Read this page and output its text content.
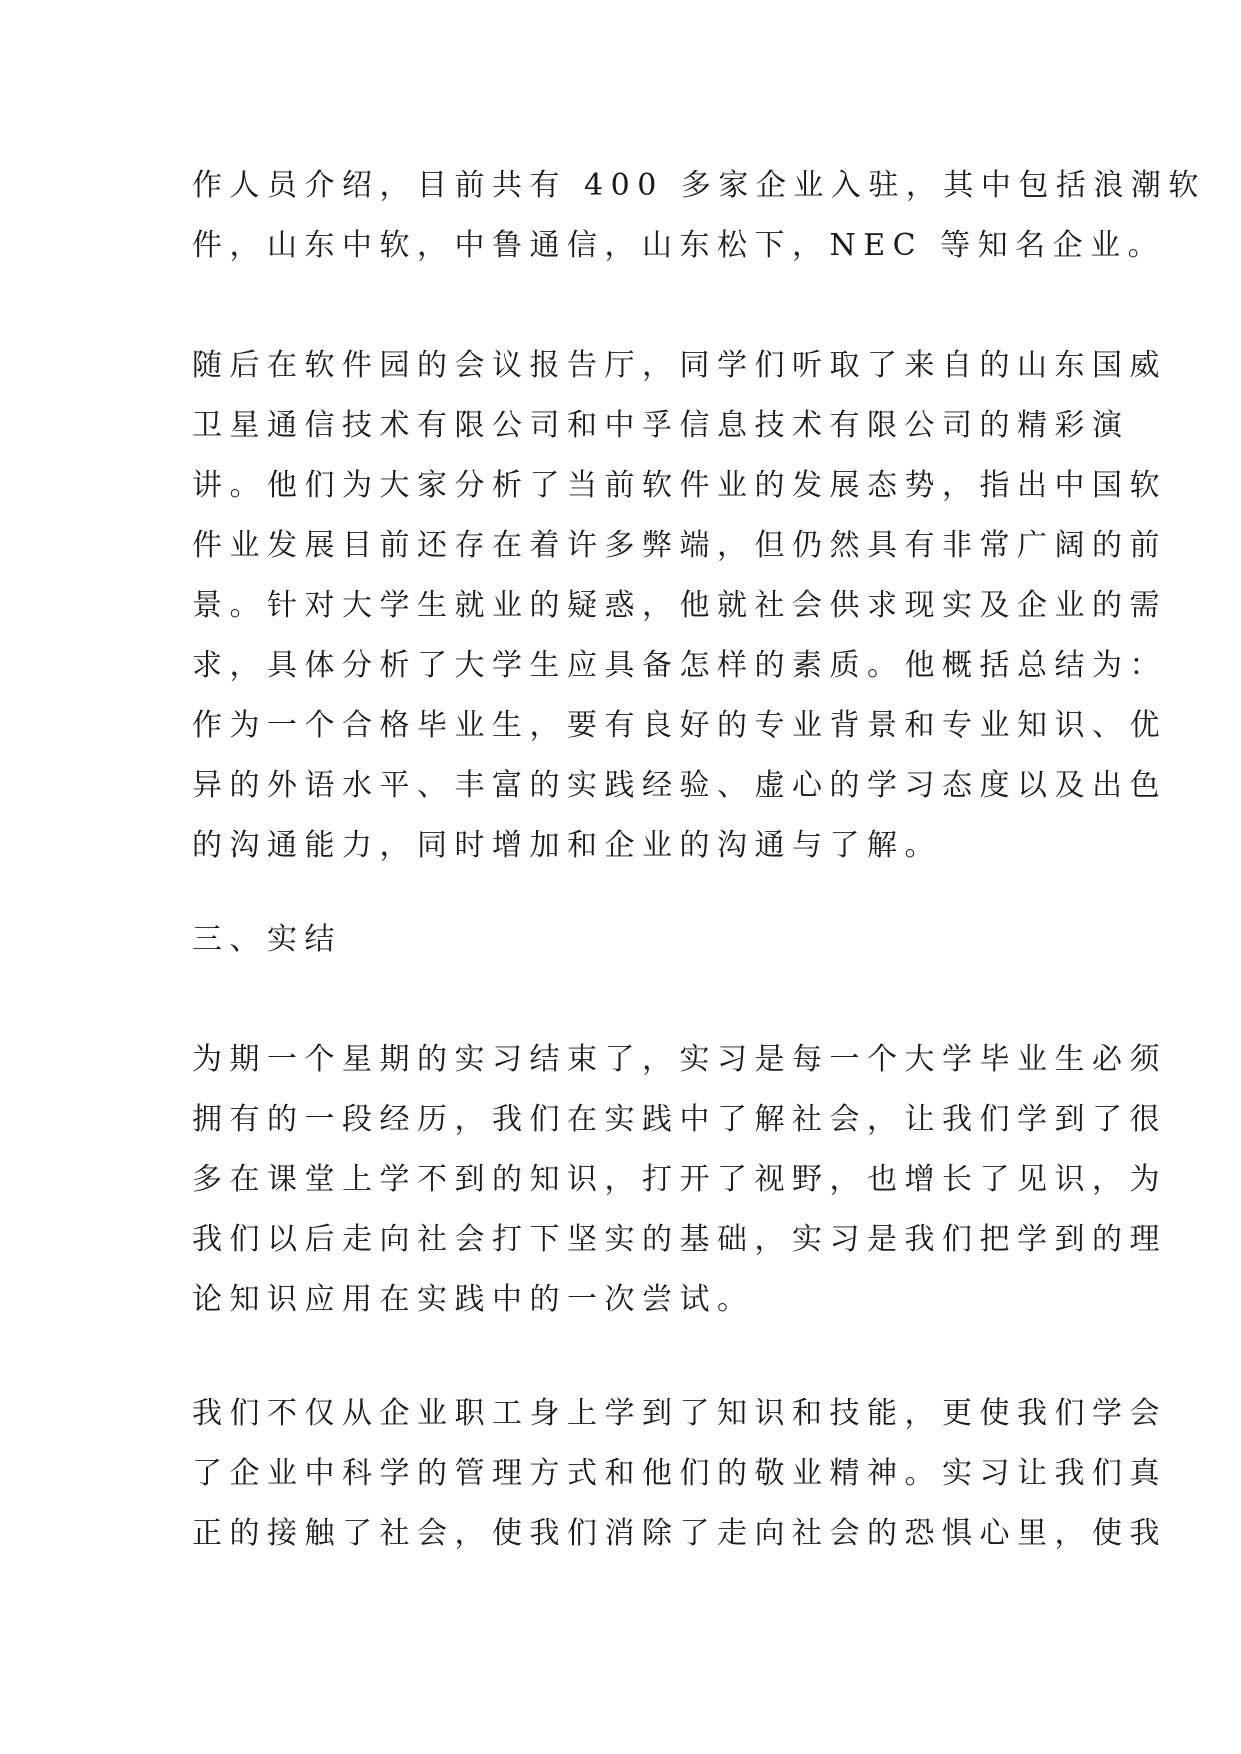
作人员介绍，目前共有 400 多家企业入驻，其中包括浪潮软
件，山东中软，中鲁通信，山东松下，NEC 等知名企业。
随后在软件园的会议报告厅，同学们听取了来自的山东国威
卫星通信技术有限公司和中孚信息技术有限公司的精彩演
讲。他们为大家分析了当前软件业的发展态势，指出中国软
件业发展目前还存在着许多弊端，但仍然具有非常广阔的前
景。针对大学生就业的疑惑，他就社会供求现实及企业的需
求，具体分析了大学生应具备怎样的素质。他概括总结为：
作为一个合格毕业生，要有良好的专业背景和专业知识、优
异的外语水平、丰富的实践经验、虚心的学习态度以及出色
的沟通能力，同时增加和企业的沟通与了解。
三、实结
为期一个星期的实习结束了，实习是每一个大学毕业生必须
拥有的一段经历，我们在实践中了解社会，让我们学到了很
多在课堂上学不到的知识，打开了视野，也增长了见识，为
我们以后走向社会打下坚实的基础，实习是我们把学到的理
论知识应用在实践中的一次尝试。
我们不仅从企业职工身上学到了知识和技能，更使我们学会
了企业中科学的管理方式和他们的敬业精神。实习让我们真
正的接触了社会，使我们消除了走向社会的恐惧心里，使我
